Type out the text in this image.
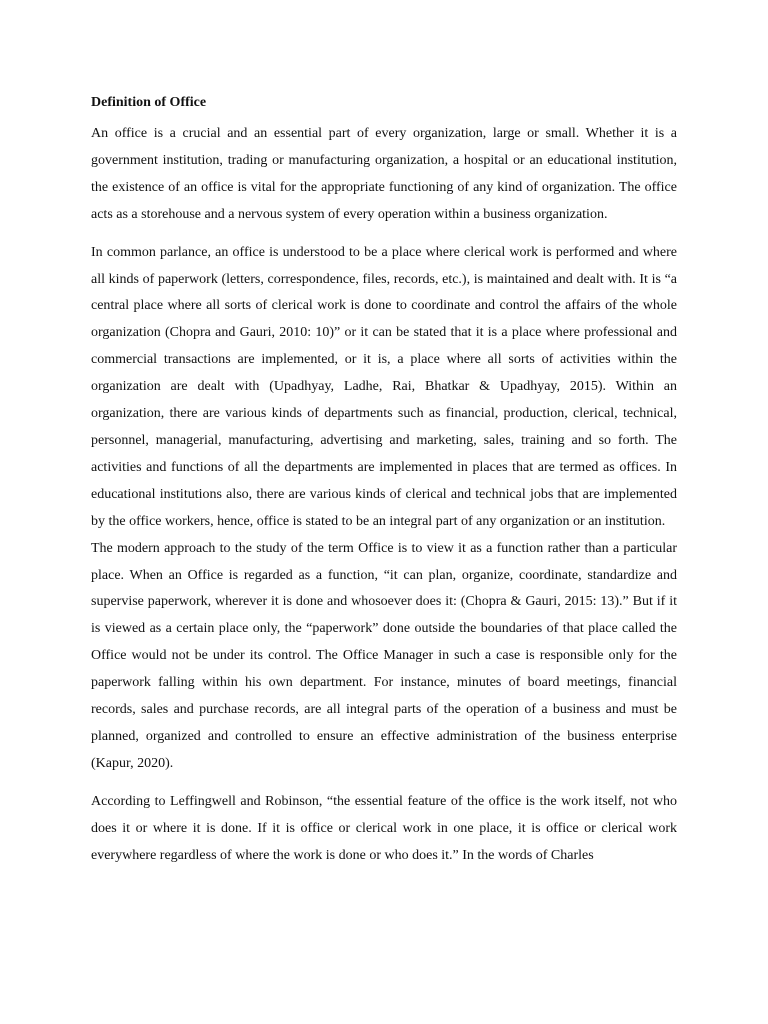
Definition of Office

An office is a crucial and an essential part of every organization, large or small. Whether it is a government institution, trading or manufacturing organization, a hospital or an educational institution, the existence of an office is vital for the appropriate functioning of any kind of organization. The office acts as a storehouse and a nervous system of every operation within a business organization.

In common parlance, an office is understood to be a place where clerical work is performed and where all kinds of paperwork (letters, correspondence, files, records, etc.), is maintained and dealt with. It is “a central place where all sorts of clerical work is done to coordinate and control the affairs of the whole organization (Chopra and Gauri, 2010: 10)” or it can be stated that it is a place where professional and commercial transactions are implemented, or it is, a place where all sorts of activities within the organization are dealt with (Upadhyay, Ladhe, Rai, Bhatkar & Upadhyay, 2015). Within an organization, there are various kinds of departments such as financial, production, clerical, technical, personnel, managerial, manufacturing, advertising and marketing, sales, training and so forth. The activities and functions of all the departments are implemented in places that are termed as offices. In educational institutions also, there are various kinds of clerical and technical jobs that are implemented by the office workers, hence, office is stated to be an integral part of any organization or an institution.

The modern approach to the study of the term Office is to view it as a function rather than a particular place. When an Office is regarded as a function, “it can plan, organize, coordinate, standardize and supervise paperwork, wherever it is done and whosoever does it: (Chopra & Gauri, 2015: 13).” But if it is viewed as a certain place only, the “paperwork” done outside the boundaries of that place called the Office would not be under its control. The Office Manager in such a case is responsible only for the paperwork falling within his own department. For instance, minutes of board meetings, financial records, sales and purchase records, are all integral parts of the operation of a business and must be planned, organized and controlled to ensure an effective administration of the business enterprise (Kapur, 2020).

According to Leffingwell and Robinson, “the essential feature of the office is the work itself, not who does it or where it is done. If it is office or clerical work in one place, it is office or clerical work everywhere regardless of where the work is done or who does it.” In the words of Charles
